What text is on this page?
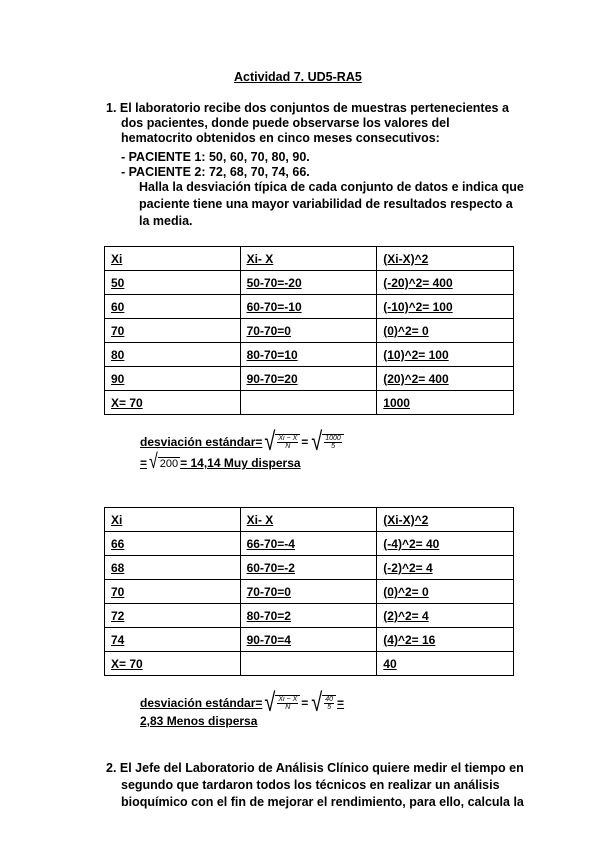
Actividad 7. UD5-RA5
1. El laboratorio recibe dos conjuntos de muestras pertenecientes a
dos pacientes, donde puede observarse los valores del
hematocrito obtenidos en cinco meses consecutivos:
- PACIENTE 1: 50, 60, 70, 80, 90.
- PACIENTE 2: 72, 68, 70, 74, 66.
Halla la desviación típica de cada conjunto de datos e indica que
paciente tiene una mayor variabilidad de resultados respecto a
la media.
Xi	Xi- X	(Xi-X)^2
50	50-70=-20	(-20)^2= 400
60	60-70=-10	(-10)^2= 100
70	70-70=0	(0)^2= 0
80	80-70=10	(10)^2= 100
90	90-70=20	(20)^2= 400
X= 70		1000
desviación estándar= √ $\frac{Xi - X}{N}$ = √ $\frac{1000}{5}$
= √ 200 = 14,14 Muy dispersa
Xi	Xi- X	(Xi-X)^2
66	66-70=-4	(-4)^2= 40
68	60-70=-2	(-2)^2= 4
70	70-70=0	(0)^2= 0
72	80-70=2	(2)^2= 4
74	90-70=4	(4)^2= 16
X= 70		40
desviación estándar= √ $\frac{Xi - X}{N}$ = √ $\frac{40}{5}$ =
2,83 Menos dispersa
2. El Jefe del Laboratorio de Análisis Clínico quiere medir el tiempo en
segundo que tardaron todos los técnicos en realizar un análisis
bioquímico con el fin de mejorar el rendimiento, para ello, calcula la
